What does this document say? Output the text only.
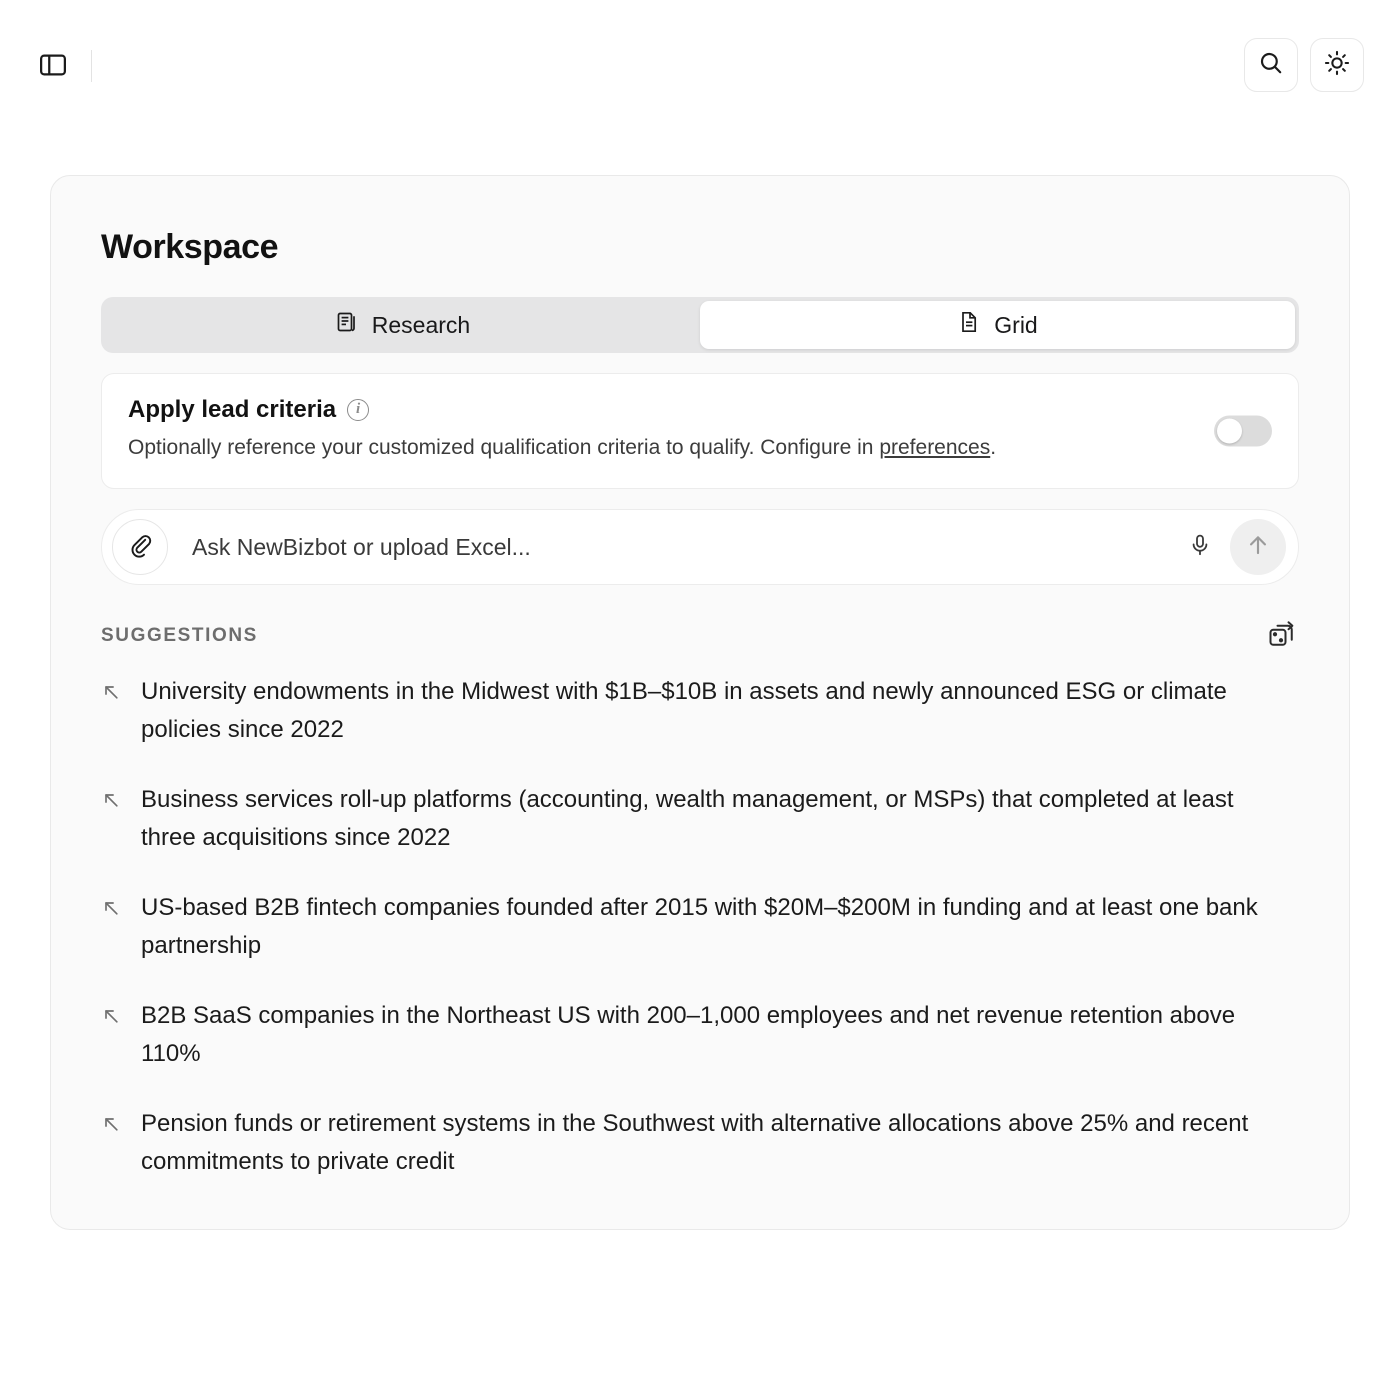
Workspace
Research	Grid
Apply lead criteria	i
Optionally reference your customized qualification criteria to qualify. Configure in preferences.
Ask NewBizbot or upload Excel...
SUGGESTIONS
University endowments in the Midwest with $1B–$10B in assets and newly announced ESG or climate policies since 2022
Business services roll-up platforms (accounting, wealth management, or MSPs) that completed at least three acquisitions since 2022
US-based B2B fintech companies founded after 2015 with $20M–$200M in funding and at least one bank partnership
B2B SaaS companies in the Northeast US with 200–1,000 employees and net revenue retention above 110%
Pension funds or retirement systems in the Southwest with alternative allocations above 25% and recent commitments to private credit
